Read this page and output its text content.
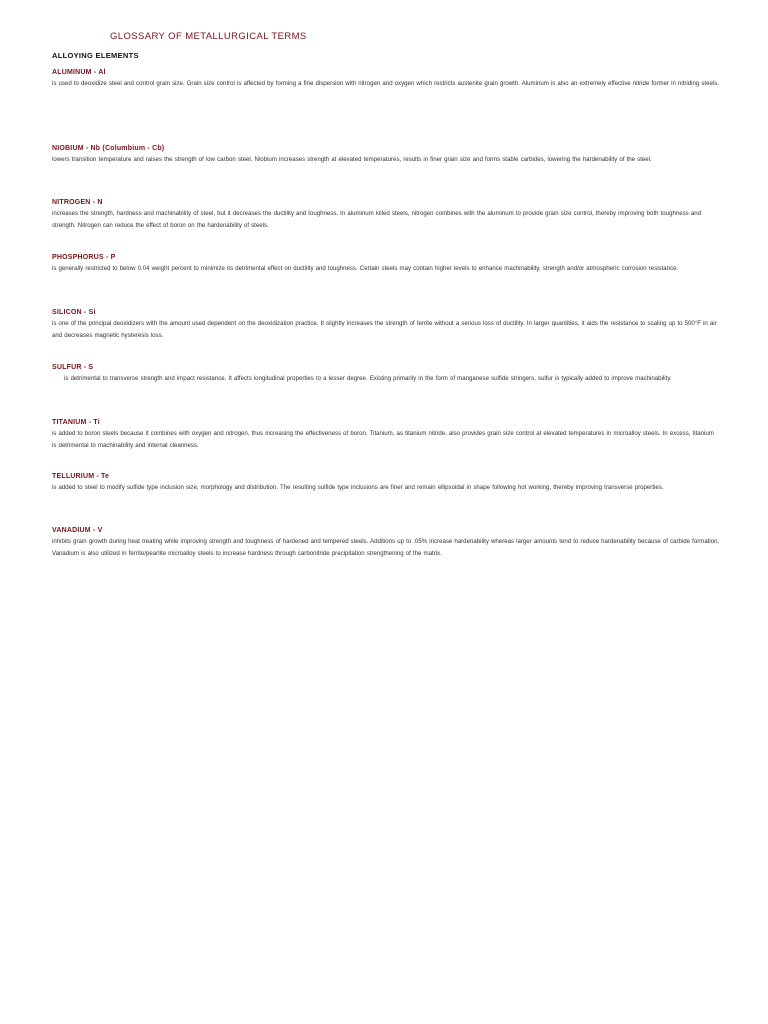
GLOSSARY OF METALLURGICAL TERMS
ALLOYING ELEMENTS

ALUMINUM - Al

is used to deoxidize steel and control grain size. Grain size control is affected by forming a fine dispersion with nitrogen and oxygen which restricts austenite grain growth. Aluminum is also an extremely effective nitride former in nitriding steels.

NIOBIUM - Nb (Columbium - Cb)

lowers transition temperature and raises the strength of low carbon steel. Niobium increases strength at elevated temperatures, results in finer grain size and forms stable carbides, lowering the hardenability of the steel.

NITROGEN - N

increases the strength, hardness and machinability of steel, but it decreases the ductility and toughness. In aluminum killed steels, nitrogen combines with the aluminum to provide grain size control, thereby improving both toughness and strength. Nitrogen can reduce the effect of boron on the hardenability of steels.

PHOSPHORUS - P

is generally restricted to below 0.04 weight percent to minimize its detrimental effect on ductility and toughness. Certain steels may contain higher levels to enhance machinability, strength and/or atmospheric corrosion resistance.

SILICON - Si

is one of the principal deoxidizers with the amount used dependent on the deoxidization practice. It slightly increases the strength of ferrite without a serious loss of ductility. In larger quantities, it aids the resistance to scaling up to 500°F in air and decreases magnetic hysteresis loss.

SULFUR - S

is detrimental to transverse strength and impact resistance. It affects longitudinal properties to a lesser degree. Existing primarily in the form of manganese sulfide stringers, sulfur is typically added to improve machinability.

TITANIUM - Ti

is added to boron steels because it combines with oxygen and nitrogen, thus increasing the effectiveness of boron. Titanium, as titanium nitride, also provides grain size control at elevated temperatures in microalloy steels. In excess, titanium is detrimental to machinability and internal cleanness.

TELLURIUM - Te

is added to steel to modify sulfide type inclusion size, morphology and distribution. The resulting sulfide type inclusions are finer and remain ellipsoidal in shape following hot working, thereby improving transverse properties.

VANADIUM - V

inhibits grain growth during heat treating while improving strength and toughness of hardened and tempered steels. Additions up to .05% increase hardenability whereas larger amounts tend to reduce hardenability because of carbide formation. Vanadium is also utilized in ferrite/pearlite microalloy steels to increase hardness through carbonitride precipitation strengthening of the matrix.
